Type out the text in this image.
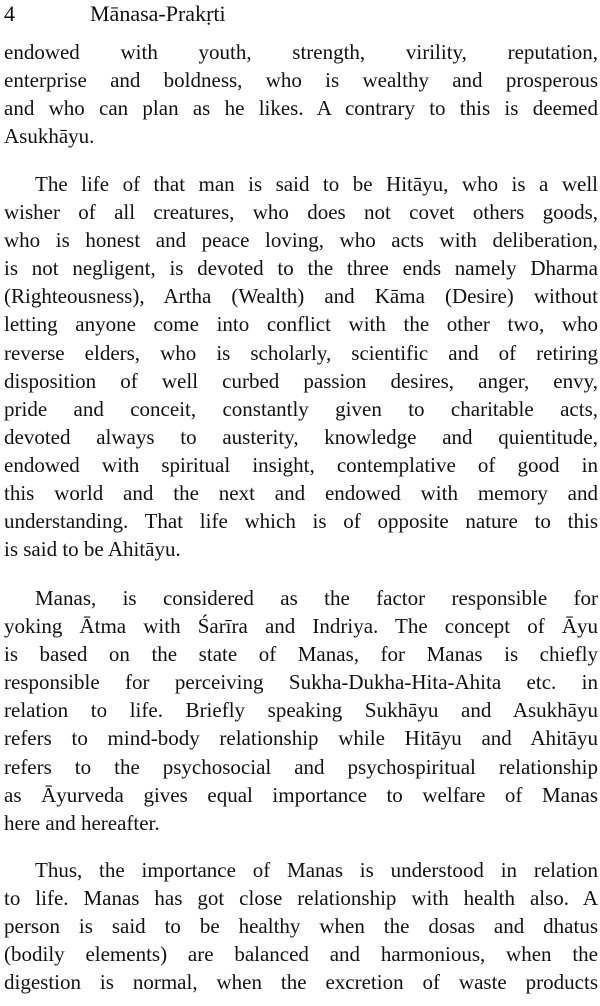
4	Mānasa-Prakṛti

endowed with youth, strength, virility, reputation,
enterprise and boldness, who is wealthy and prosperous
and who can plan as he likes. A contrary to this is deemed
Asukhāyu.

The life of that man is said to be Hitāyu, who is a well
wisher of all creatures, who does not covet others goods,
who is honest and peace loving, who acts with deliberation,
is not negligent, is devoted to the three ends namely Dharma
(Righteousness), Artha (Wealth) and Kāma (Desire) without
letting anyone come into conflict with the other two, who
reverse elders, who is scholarly, scientific and of retiring
disposition of well curbed passion desires, anger, envy,
pride and conceit, constantly given to charitable acts,
devoted always to austerity, knowledge and quientitude,
endowed with spiritual insight, contemplative of good in
this world and the next and endowed with memory and
understanding. That life which is of opposite nature to this
is said to be Ahitāyu.

Manas, is considered as the factor responsible for
yoking Ātma with Śarīra and Indriya. The concept of Āyu
is based on the state of Manas, for Manas is chiefly
responsible for perceiving Sukha-Dukha-Hita-Ahita etc. in
relation to life. Briefly speaking Sukhāyu and Asukhāyu
refers to mind-body relationship while Hitāyu and Ahitāyu
refers to the psychosocial and psychospiritual relationship
as Āyurveda gives equal importance to welfare of Manas
here and hereafter.

Thus, the importance of Manas is understood in relation
to life. Manas has got close relationship with health also. A
person is said to be healthy when the dosas and dhatus
(bodily elements) are balanced and harmonious, when the
digestion is normal, when the excretion of waste products
